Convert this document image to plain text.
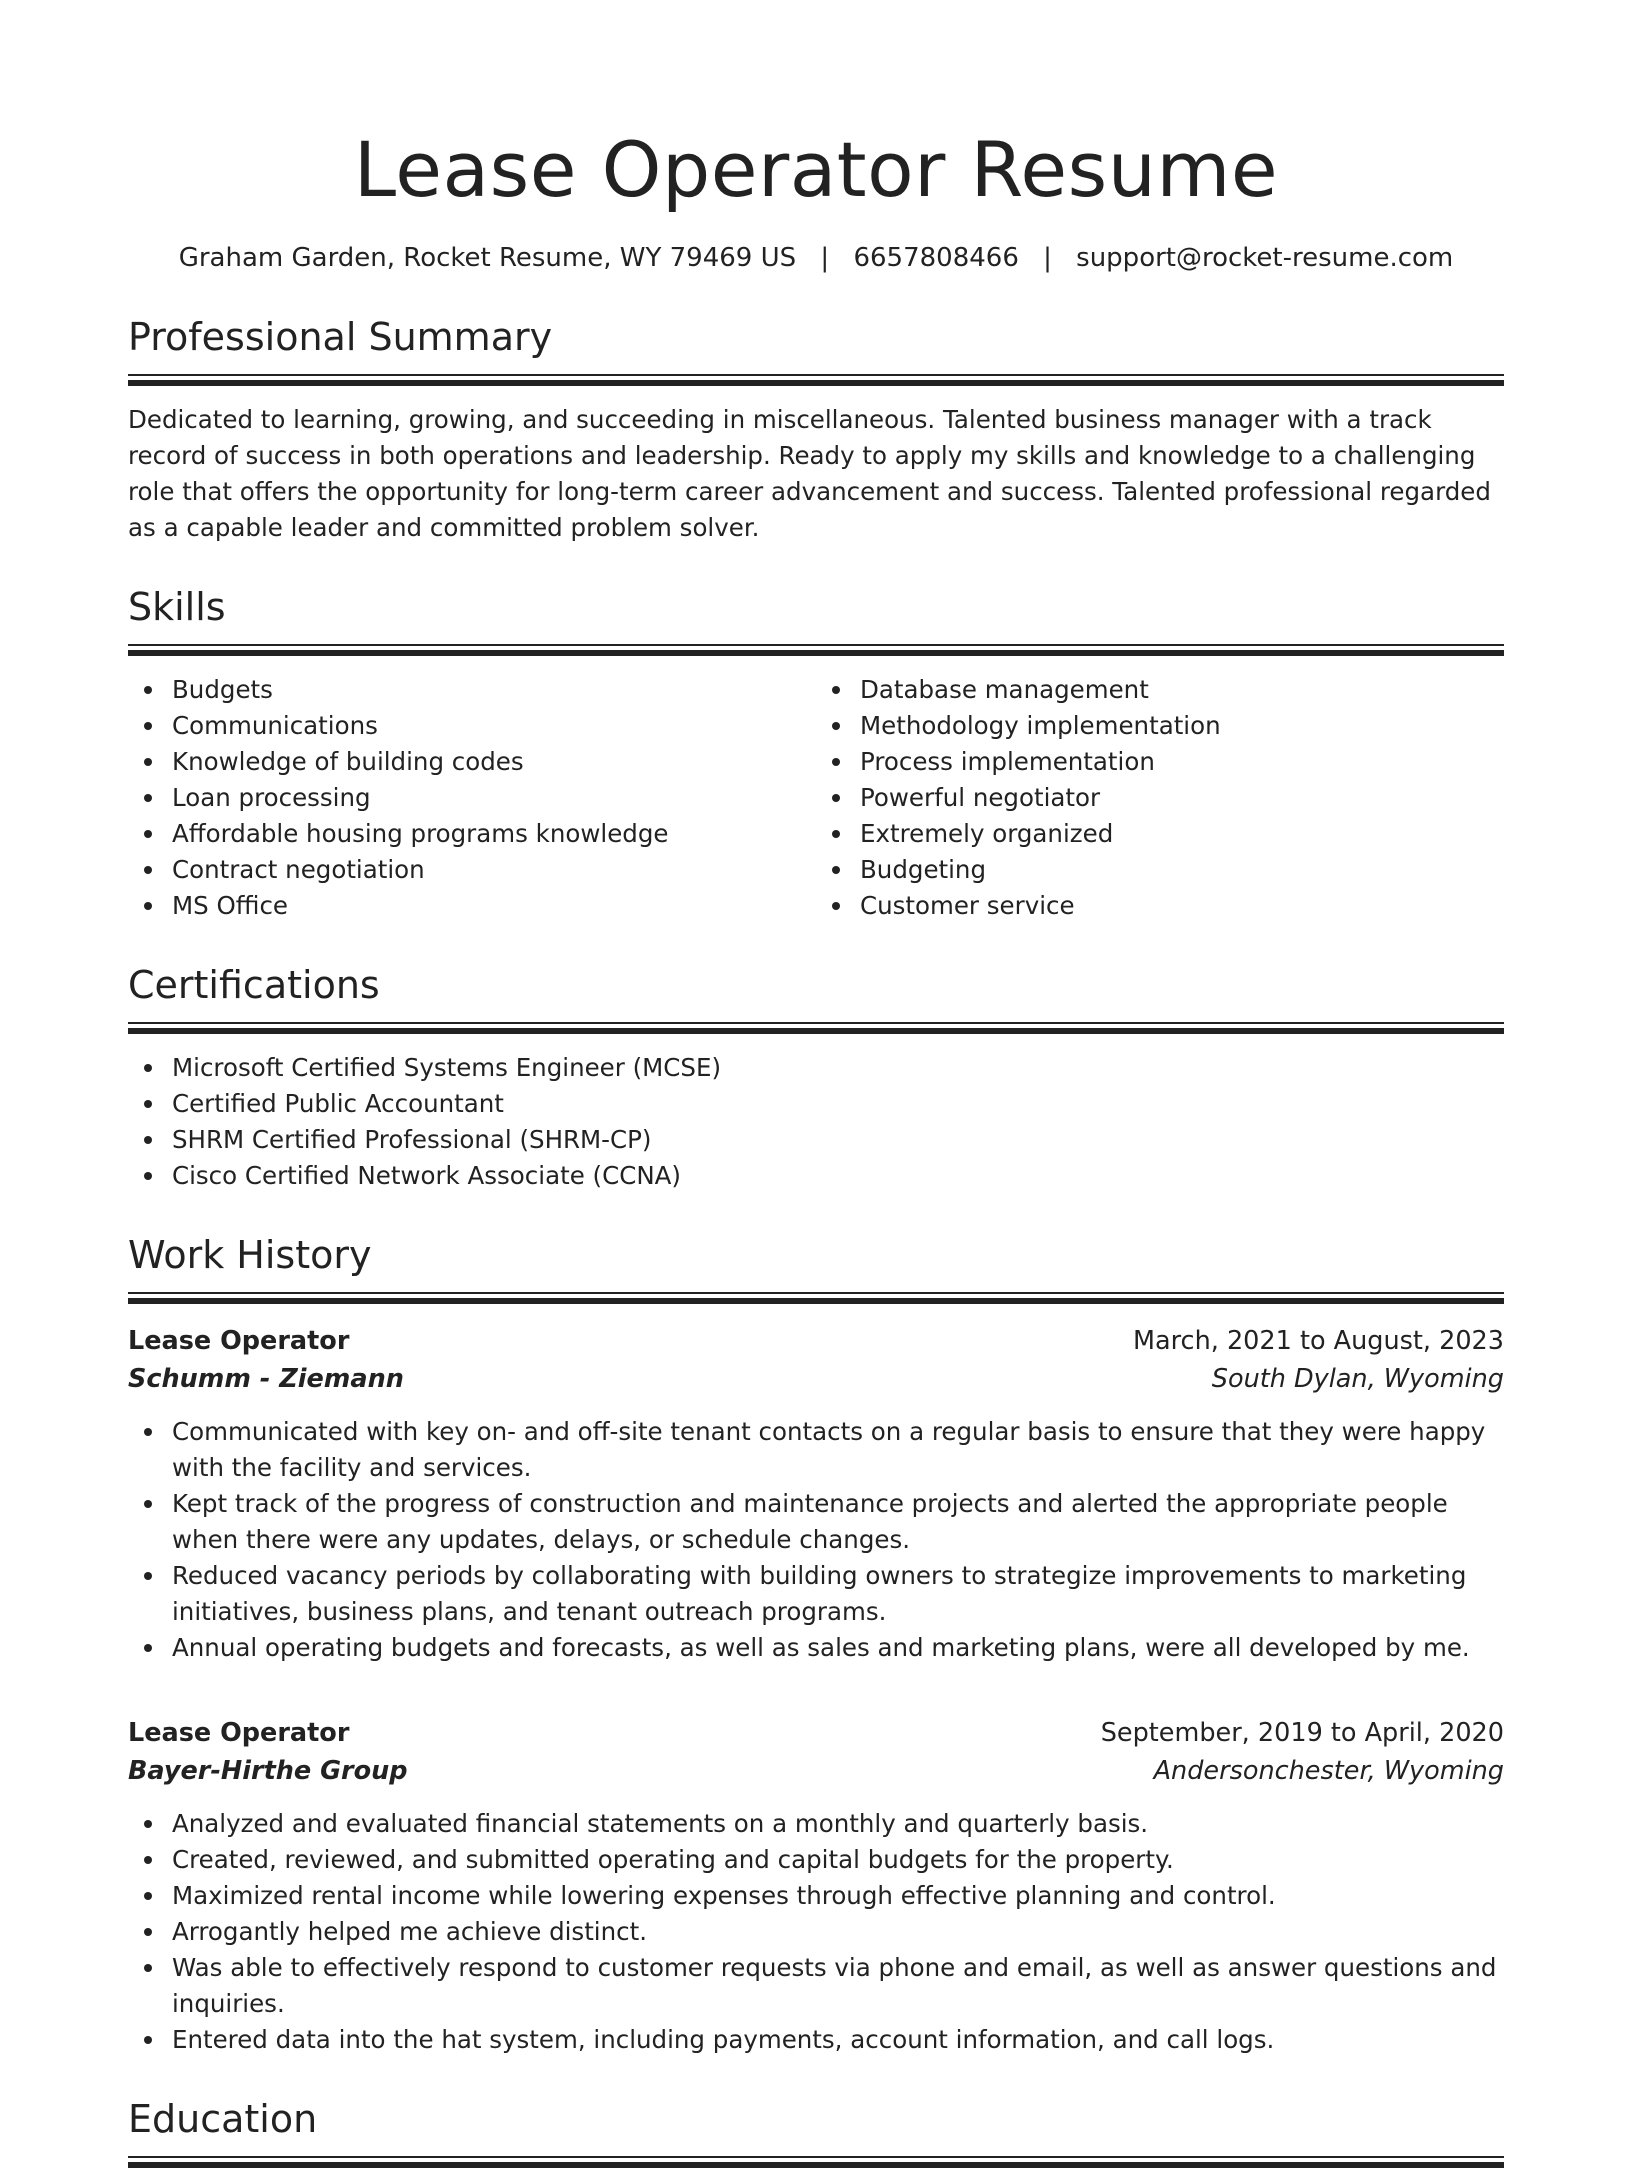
Lease Operator Resume
Graham Garden, Rocket Resume, WY 79469 US | 6657808466 | support@rocket-resume.com
Professional Summary
Dedicated to learning, growing, and succeeding in miscellaneous. Talented business manager with a track record of success in both operations and leadership. Ready to apply my skills and knowledge to a challenging role that offers the opportunity for long-term career advancement and success. Talented professional regarded as a capable leader and committed problem solver.
Skills
Budgets
Communications
Knowledge of building codes
Loan processing
Affordable housing programs knowledge
Contract negotiation
MS Office
Database management
Methodology implementation
Process implementation
Powerful negotiator
Extremely organized
Budgeting
Customer service
Certifications
Microsoft Certified Systems Engineer (MCSE)
Certified Public Accountant
SHRM Certified Professional (SHRM-CP)
Cisco Certified Network Associate (CCNA)
Work History
Lease Operator	March, 2021 to August, 2023
Schumm - Ziemann	South Dylan, Wyoming
Communicated with key on- and off-site tenant contacts on a regular basis to ensure that they were happy with the facility and services.
Kept track of the progress of construction and maintenance projects and alerted the appropriate people when there were any updates, delays, or schedule changes.
Reduced vacancy periods by collaborating with building owners to strategize improvements to marketing initiatives, business plans, and tenant outreach programs.
Annual operating budgets and forecasts, as well as sales and marketing plans, were all developed by me.
Lease Operator	September, 2019 to April, 2020
Bayer-Hirthe Group	Andersonchester, Wyoming
Analyzed and evaluated financial statements on a monthly and quarterly basis.
Created, reviewed, and submitted operating and capital budgets for the property.
Maximized rental income while lowering expenses through effective planning and control.
Arrogantly helped me achieve distinct.
Was able to effectively respond to customer requests via phone and email, as well as answer questions and inquiries.
Entered data into the hat system, including payments, account information, and call logs.
Education
